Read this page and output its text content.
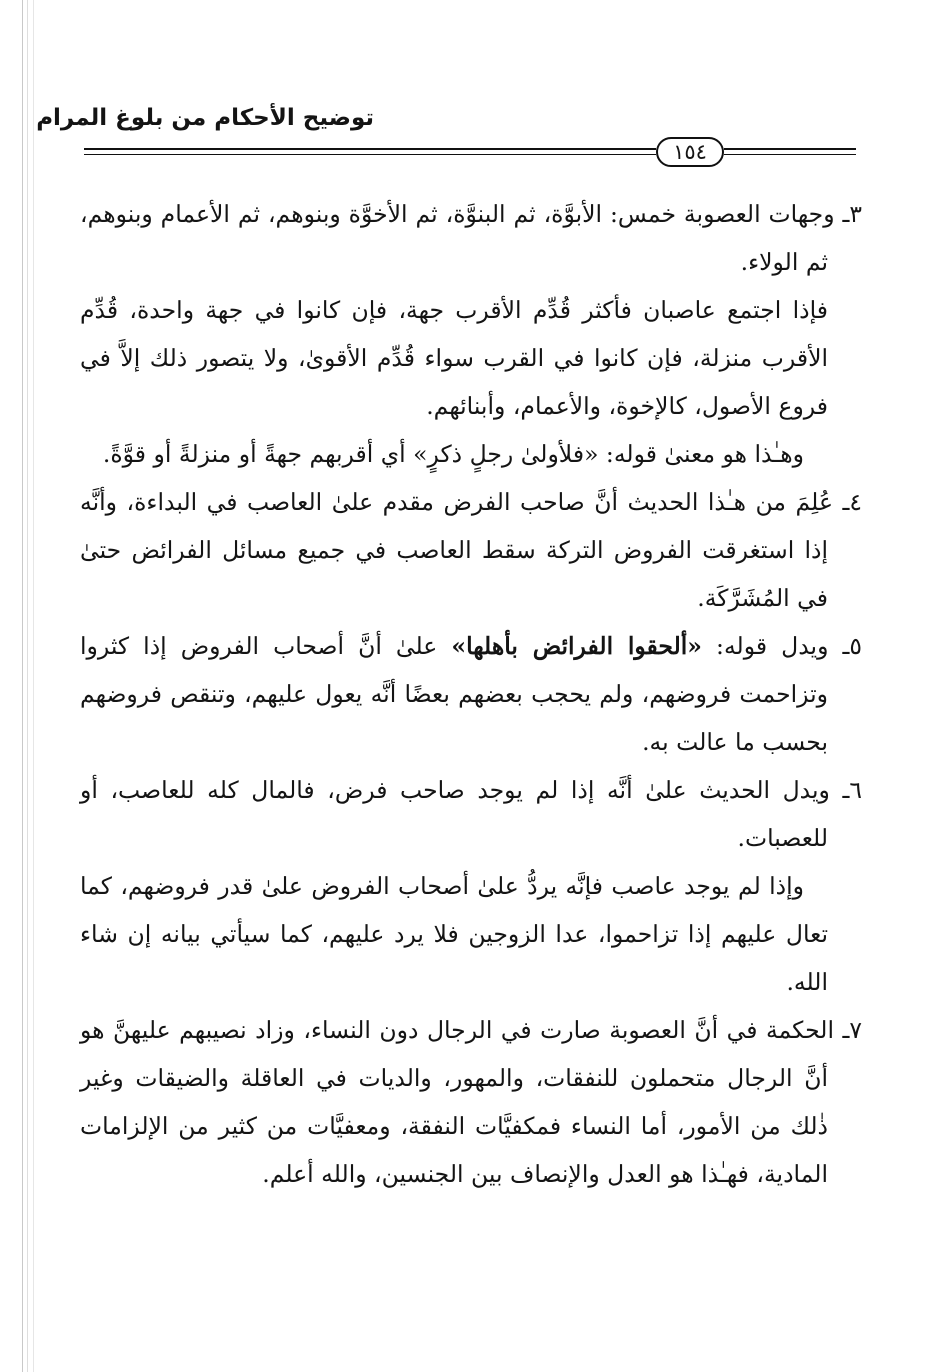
توضيح الأحكام من بلوغ المرام
١٥٤

٣ـ وجهات العصوبة خمس: الأبوَّة، ثم البنوَّة، ثم الأخوَّة وبنوهم، ثم الأعمام وبنوهم، ثم الولاء.

فإذا اجتمع عاصبان فأكثر قُدِّم الأقرب جهة، فإن كانوا في جهة واحدة، قُدِّم الأقرب منزلة، فإن كانوا في القرب سواء قُدِّم الأقوىٰ، ولا يتصور ذلك إلاَّ في فروع الأصول، كالإخوة، والأعمام، وأبنائهم.

وهـٰذا هو معنىٰ قوله: «فلأولىٰ رجلٍ ذكرٍ» أي أقربهم جهةً أو منزلةً أو قوَّةً.

٤ـ عُلِمَ من هـٰذا الحديث أنَّ صاحب الفرض مقدم علىٰ العاصب في البداءة، وأنَّه إذا استغرقت الفروض التركة سقط العاصب في جميع مسائل الفرائض حتىٰ في المُشَرَّكَة.

٥ـ ويدل قوله: «ألحقوا الفرائض بأهلها» علىٰ أنَّ أصحاب الفروض إذا كثروا وتزاحمت فروضهم، ولم يحجب بعضهم بعضًا أنَّه يعول عليهم، وتنقص فروضهم بحسب ما عالت به.

٦ـ ويدل الحديث علىٰ أنَّه إذا لم يوجد صاحب فرض، فالمال كله للعاصب، أو للعصبات.

وإذا لم يوجد عاصب فإنَّه يردُّ علىٰ أصحاب الفروض علىٰ قدر فروضهم، كما تعال عليهم إذا تزاحموا، عدا الزوجين فلا يرد عليهم، كما سيأتي بيانه إن شاء الله.

٧ـ الحكمة في أنَّ العصوبة صارت في الرجال دون النساء، وزاد نصيبهم عليهنَّ هو أنَّ الرجال متحملون للنفقات، والمهور، والديات في العاقلة والضيقات وغير ذٰلك من الأمور، أما النساء فمكفيَّات النفقة، ومعفيَّات من كثير من الإلزامات المادية، فهـٰذا هو العدل والإنصاف بين الجنسين، والله أعلم.
